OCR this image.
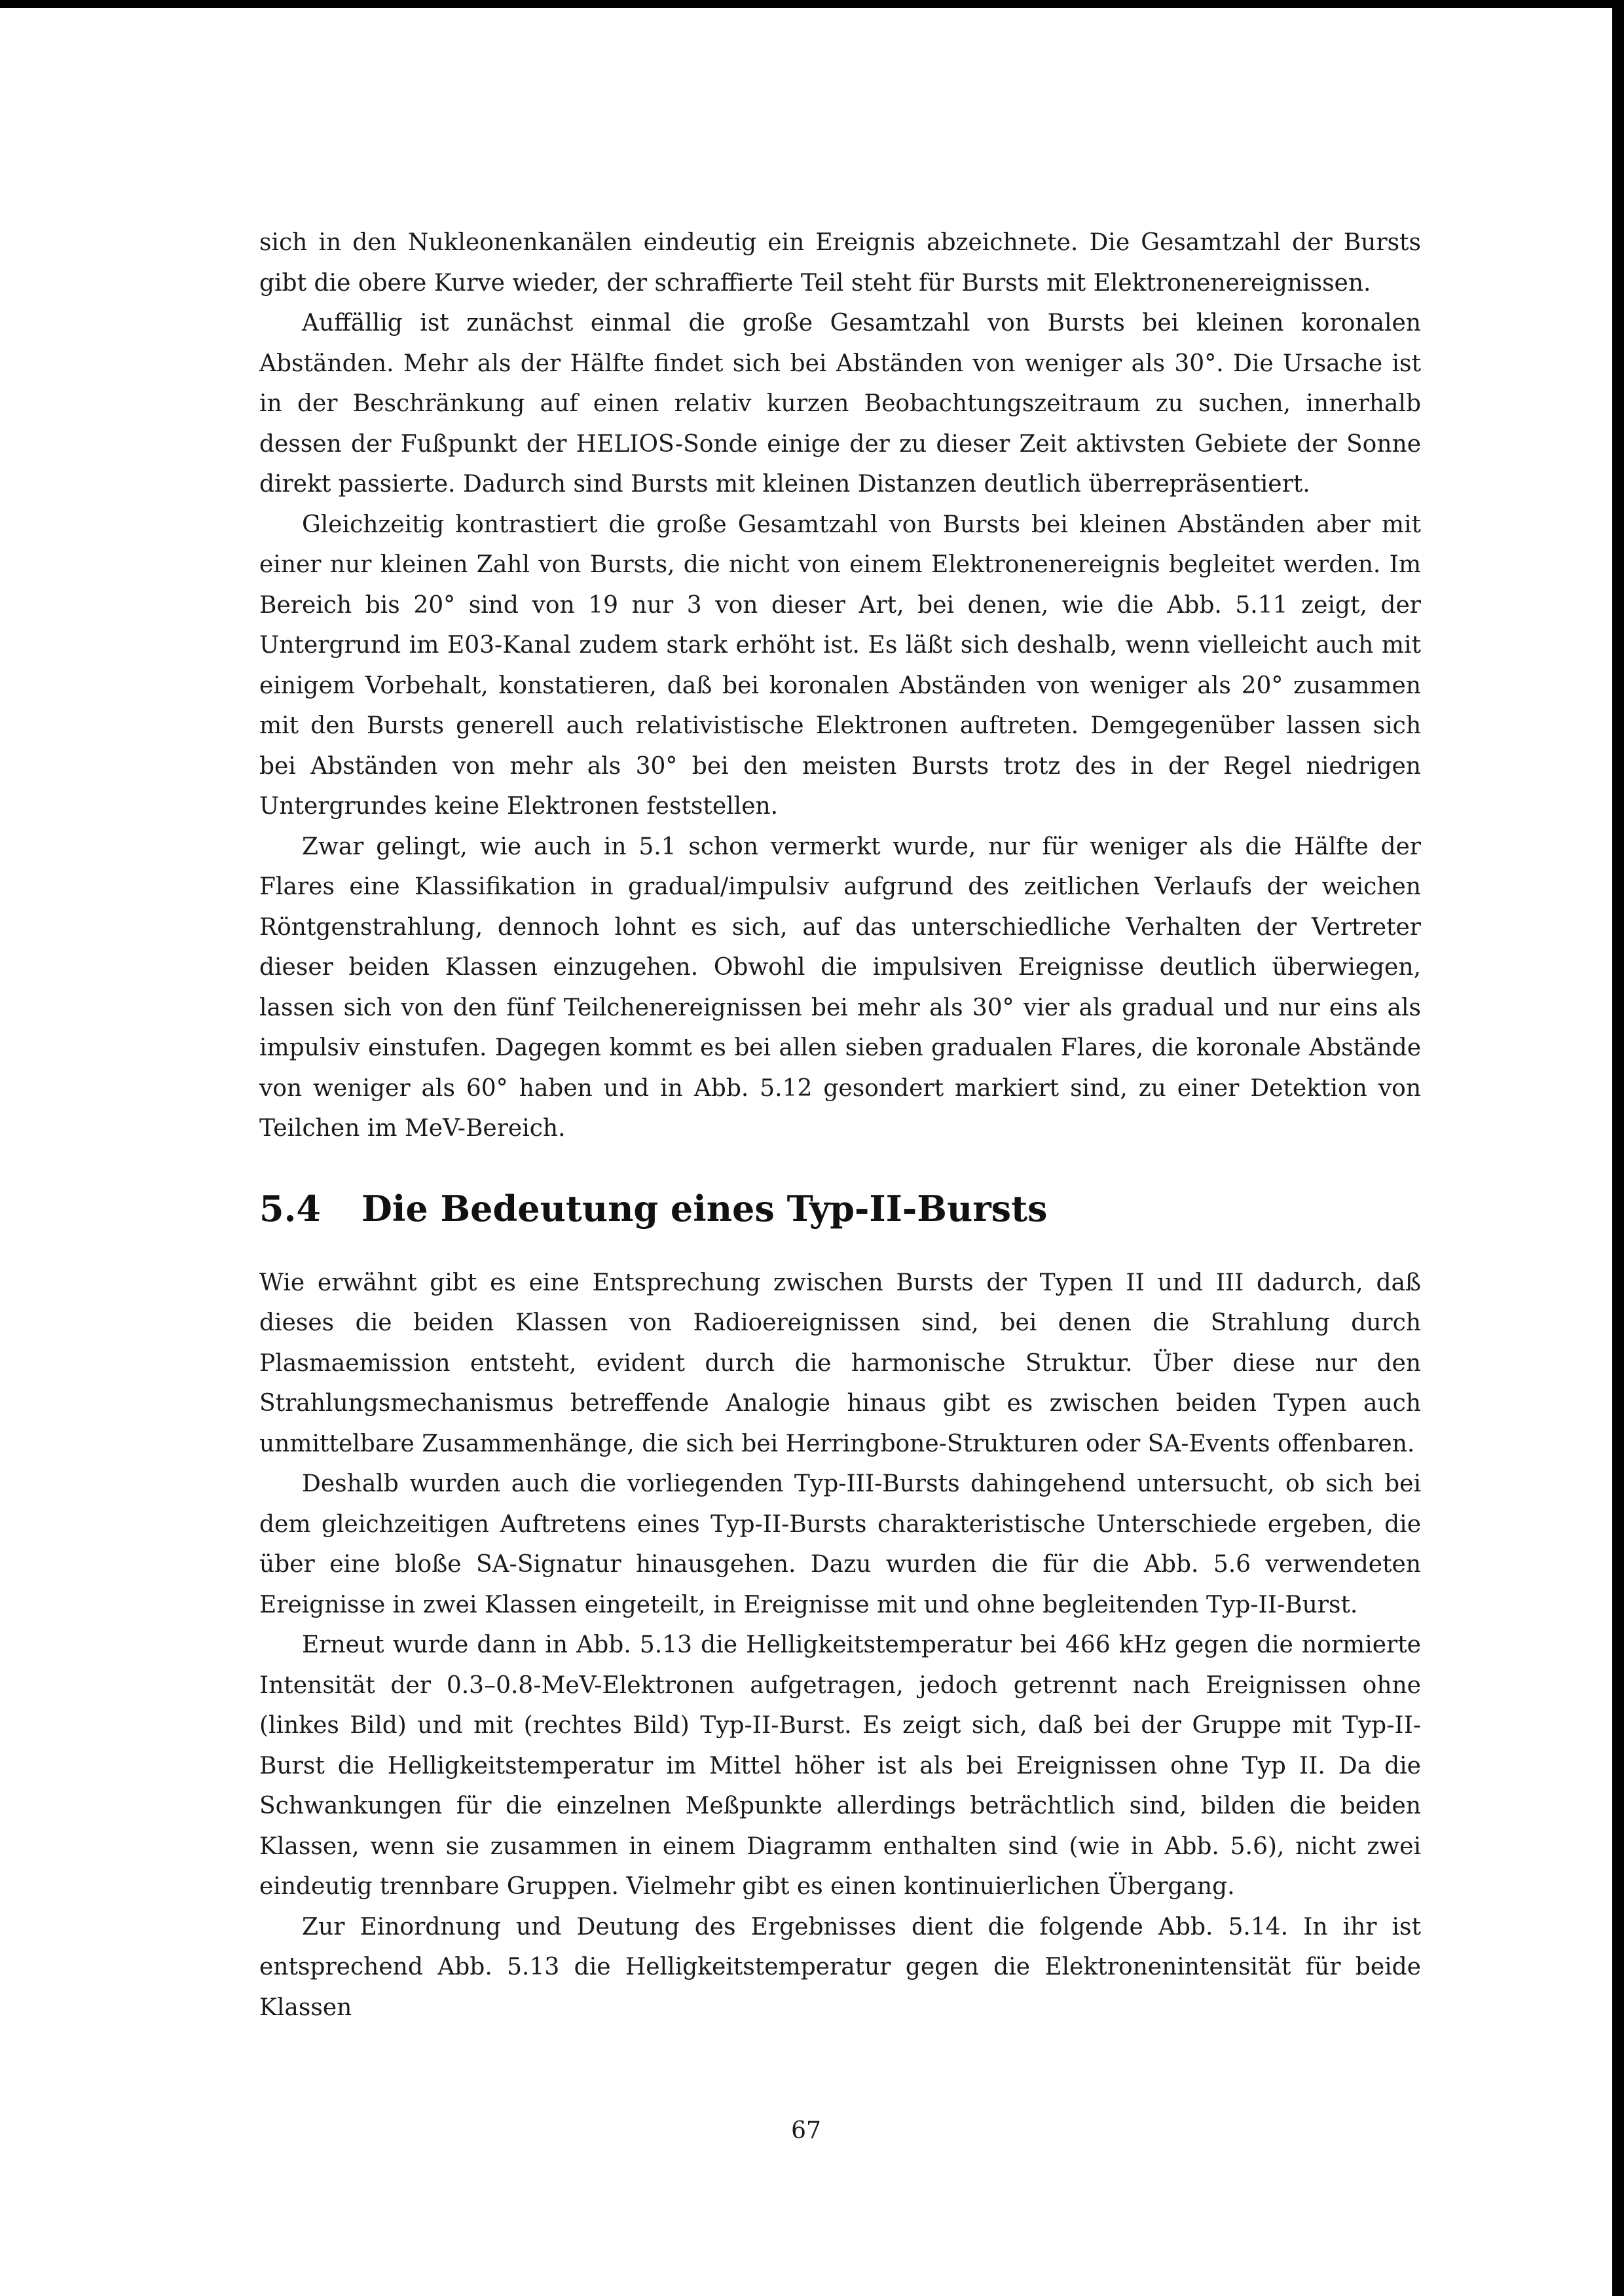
sich in den Nukleonenkanälen eindeutig ein Ereignis abzeichnete. Die Gesamtzahl der Bursts gibt die obere Kurve wieder, der schraffierte Teil steht für Bursts mit Elektronenereignissen.

Auffällig ist zunächst einmal die große Gesamtzahl von Bursts bei kleinen koronalen Abständen. Mehr als der Hälfte findet sich bei Abständen von weniger als 30°. Die Ursache ist in der Beschränkung auf einen relativ kurzen Beobachtungszeitraum zu suchen, innerhalb dessen der Fußpunkt der HELIOS-Sonde einige der zu dieser Zeit aktivsten Gebiete der Sonne direkt passierte. Dadurch sind Bursts mit kleinen Distanzen deutlich überrepräsentiert.

Gleichzeitig kontrastiert die große Gesamtzahl von Bursts bei kleinen Abständen aber mit einer nur kleinen Zahl von Bursts, die nicht von einem Elektronenereignis begleitet werden. Im Bereich bis 20° sind von 19 nur 3 von dieser Art, bei denen, wie die Abb. 5.11 zeigt, der Untergrund im E03-Kanal zudem stark erhöht ist. Es läßt sich deshalb, wenn vielleicht auch mit einigem Vorbehalt, konstatieren, daß bei koronalen Abständen von weniger als 20° zusammen mit den Bursts generell auch relativistische Elektronen auftreten. Demgegenüber lassen sich bei Abständen von mehr als 30° bei den meisten Bursts trotz des in der Regel niedrigen Untergrundes keine Elektronen feststellen.

Zwar gelingt, wie auch in 5.1 schon vermerkt wurde, nur für weniger als die Hälfte der Flares eine Klassifikation in gradual/impulsiv aufgrund des zeitlichen Verlaufs der weichen Röntgenstrahlung, dennoch lohnt es sich, auf das unterschiedliche Verhalten der Vertreter dieser beiden Klassen einzugehen. Obwohl die impulsiven Ereignisse deutlich überwiegen, lassen sich von den fünf Teilchenereignissen bei mehr als 30° vier als gradual und nur eins als impulsiv einstufen. Dagegen kommt es bei allen sieben gradualen Flares, die koronale Abstände von weniger als 60° haben und in Abb. 5.12 gesondert markiert sind, zu einer Detektion von Teilchen im MeV-Bereich.

5.4 Die Bedeutung eines Typ-II-Bursts

Wie erwähnt gibt es eine Entsprechung zwischen Bursts der Typen II und III dadurch, daß dieses die beiden Klassen von Radioereignissen sind, bei denen die Strahlung durch Plasmaemission entsteht, evident durch die harmonische Struktur. Über diese nur den Strahlungsmechanismus betreffende Analogie hinaus gibt es zwischen beiden Typen auch unmittelbare Zusammenhänge, die sich bei Herringbone-Strukturen oder SA-Events offenbaren.

Deshalb wurden auch die vorliegenden Typ-III-Bursts dahingehend untersucht, ob sich bei dem gleichzeitigen Auftretens eines Typ-II-Bursts charakteristische Unterschiede ergeben, die über eine bloße SA-Signatur hinausgehen. Dazu wurden die für die Abb. 5.6 verwendeten Ereignisse in zwei Klassen eingeteilt, in Ereignisse mit und ohne begleitenden Typ-II-Burst.

Erneut wurde dann in Abb. 5.13 die Helligkeitstemperatur bei 466 kHz gegen die normierte Intensität der 0.3–0.8-MeV-Elektronen aufgetragen, jedoch getrennt nach Ereignissen ohne (linkes Bild) und mit (rechtes Bild) Typ-II-Burst. Es zeigt sich, daß bei der Gruppe mit Typ-II-Burst die Helligkeitstemperatur im Mittel höher ist als bei Ereignissen ohne Typ II. Da die Schwankungen für die einzelnen Meßpunkte allerdings beträchtlich sind, bilden die beiden Klassen, wenn sie zusammen in einem Diagramm enthalten sind (wie in Abb. 5.6), nicht zwei eindeutig trennbare Gruppen. Vielmehr gibt es einen kontinuierlichen Übergang.

Zur Einordnung und Deutung des Ergebnisses dient die folgende Abb. 5.14. In ihr ist entsprechend Abb. 5.13 die Helligkeitstemperatur gegen die Elektronenintensität für beide Klassen

67
